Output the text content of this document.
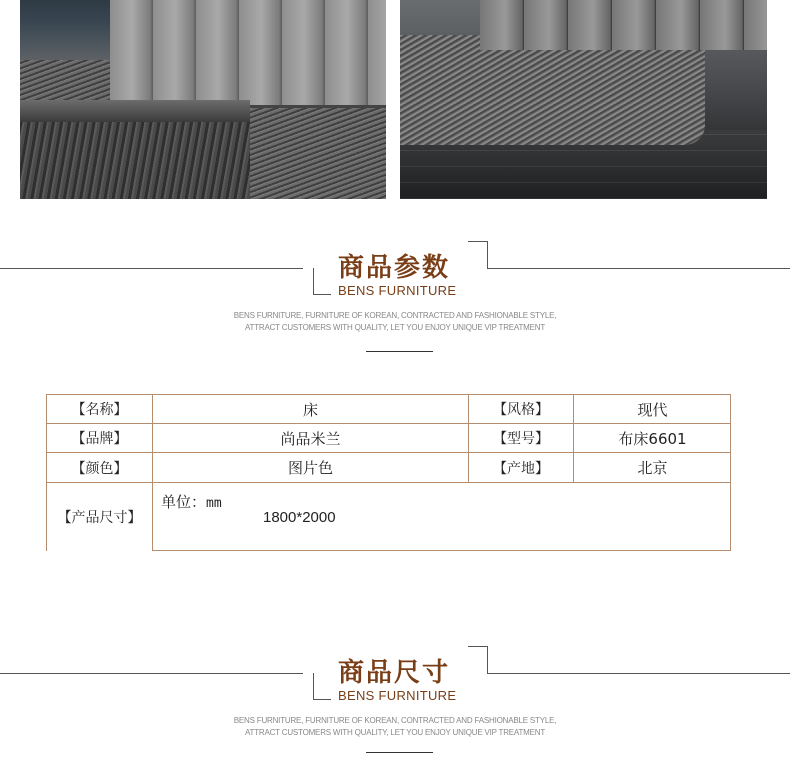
商品参数
BENS FURNITURE
BENS FURNITURE, FURNITURE OF KOREAN, CONTRACTED AND FASHIONABLE STYLE,
ATTRACT CUSTOMERS WITH QUALITY, LET YOU ENJOY UNIQUE VIP TREATMENT
【名称】	床	【风格】	现代
【品牌】	尚品米兰	【型号】	布床6601
【颜色】	图片色	【产地】	北京
【产品尺寸】
单位：mm
1800*2000
商品尺寸
BENS FURNITURE
BENS FURNITURE, FURNITURE OF KOREAN, CONTRACTED AND FASHIONABLE STYLE,
ATTRACT CUSTOMERS WITH QUALITY, LET YOU ENJOY UNIQUE VIP TREATMENT
